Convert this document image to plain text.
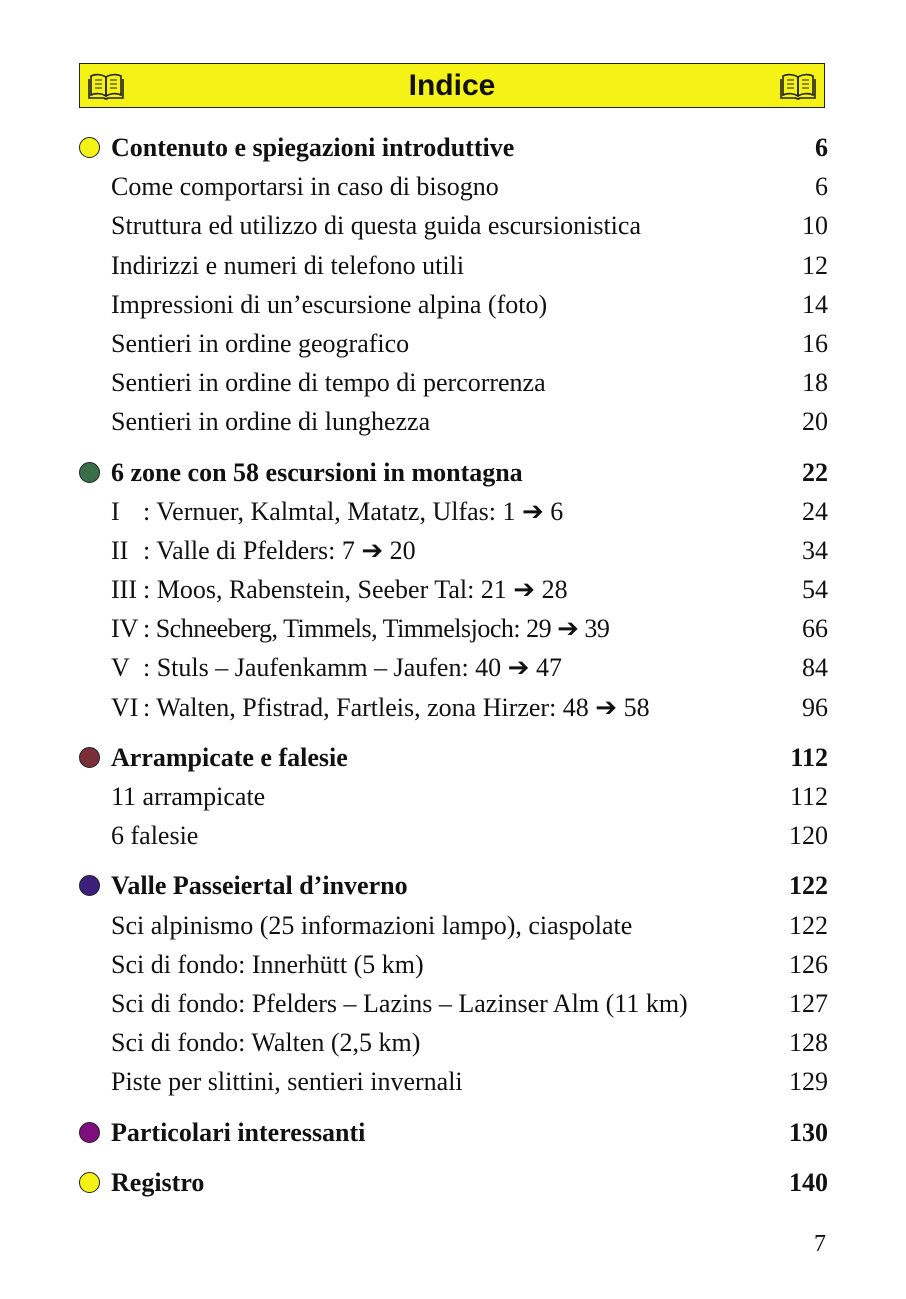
Indice
Contenuto e spiegazioni introduttive	6
Come comportarsi in caso di bisogno	6
Struttura ed utilizzo di questa guida escursionistica	10
Indirizzi e numeri di telefono utili	12
Impressioni di un’escursione alpina (foto)	14
Sentieri in ordine geografico	16
Sentieri in ordine di tempo di percorrenza	18
Sentieri in ordine di lunghezza	20
6 zone con 58 escursioni in montagna	22
I : Vernuer, Kalmtal, Matatz, Ulfas: 1 ➔ 6	24
II : Valle di Pfelders: 7 ➔ 20	34
III : Moos, Rabenstein, Seeber Tal: 21 ➔ 28	54
IV : Schneeberg, Timmels, Timmelsjoch: 29 ➔ 39	66
V : Stuls – Jaufenkamm – Jaufen: 40 ➔ 47	84
VI : Walten, Pfistrad, Fartleis, zona Hirzer: 48 ➔ 58	96
Arrampicate e falesie	112
11 arrampicate	112
6 falesie	120
Valle Passeiertal d’inverno	122
Sci alpinismo (25 informazioni lampo), ciaspolate	122
Sci di fondo: Innerhütt (5 km)	126
Sci di fondo: Pfelders – Lazins – Lazinser Alm (11 km)	127
Sci di fondo: Walten (2,5 km)	128
Piste per slittini, sentieri invernali	129
Particolari interessanti	130
Registro	140
7
